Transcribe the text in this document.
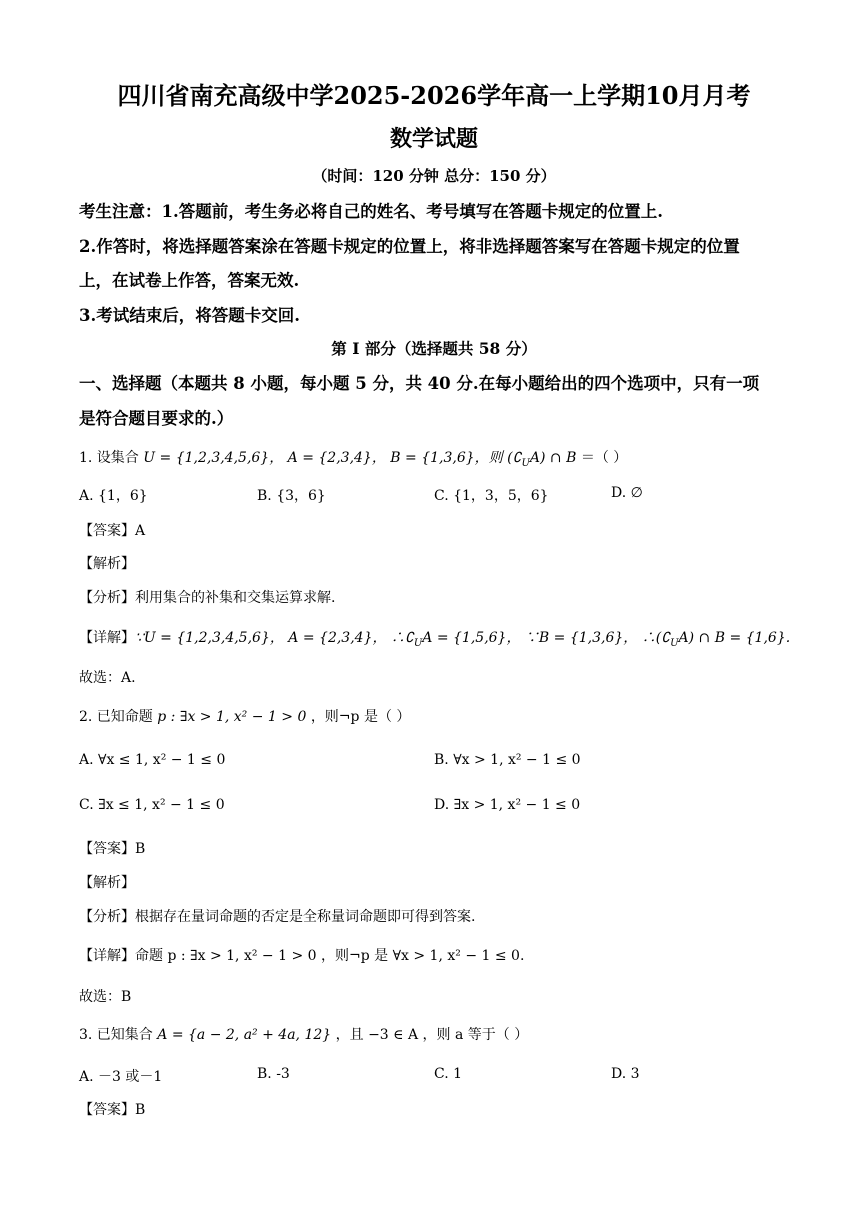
四川省南充高级中学2025-2026学年高一上学期10月月考
数学试题
（时间：120 分钟 总分：150 分）
考生注意：1.答题前，考生务必将自己的姓名、考号填写在答题卡规定的位置上.
2.作答时，将选择题答案涂在答题卡规定的位置上，将非选择题答案写在答题卡规定的位置
上，在试卷上作答，答案无效.
3.考试结束后，将答题卡交回.
第 I 部分（选择题共 58 分）
一、选择题（本题共 8 小题，每小题 5 分，共 40 分.在每小题给出的四个选项中，只有一项
是符合题目要求的.）
1. 设集合 U = {1,2,3,4,5,6}， A = {2,3,4}， B = {1,3,6}，则 $(∁_UA)$ ∩ B ＝（ ）
A. {1，6}	B. {3，6}	C. {1，3，5，6}	D. ∅
【答案】A
【解析】
【分析】利用集合的补集和交集运算求解.
【详解】∵U = {1,2,3,4,5,6}， A = {2,3,4}， $\therefore∁_UA = \{1,5,6\}$， ∵B = {1,3,6}， $\therefore(∁_UA)$ ∩ B = {1,6}.
故选：A.
2. 已知命题 p : ∃x > 1, x² − 1 > 0 ，则¬p 是（ ）
A. ∀x ≤ 1, x² − 1 ≤ 0	B. ∀x > 1, x² − 1 ≤ 0
C. ∃x ≤ 1, x² − 1 ≤ 0	D. ∃x > 1, x² − 1 ≤ 0
【答案】B
【解析】
【分析】根据存在量词命题的否定是全称量词命题即可得到答案.
【详解】命题 p : ∃x > 1, x² − 1 > 0 ，则¬p 是 ∀x > 1, x² − 1 ≤ 0.
故选：B
3. 已知集合 A = {a − 2, a² + 4a, 12} ，且 −3 ∈ A ，则 a 等于（ ）
A. －3 或－1	B. -3	C. 1	D. 3
【答案】B
